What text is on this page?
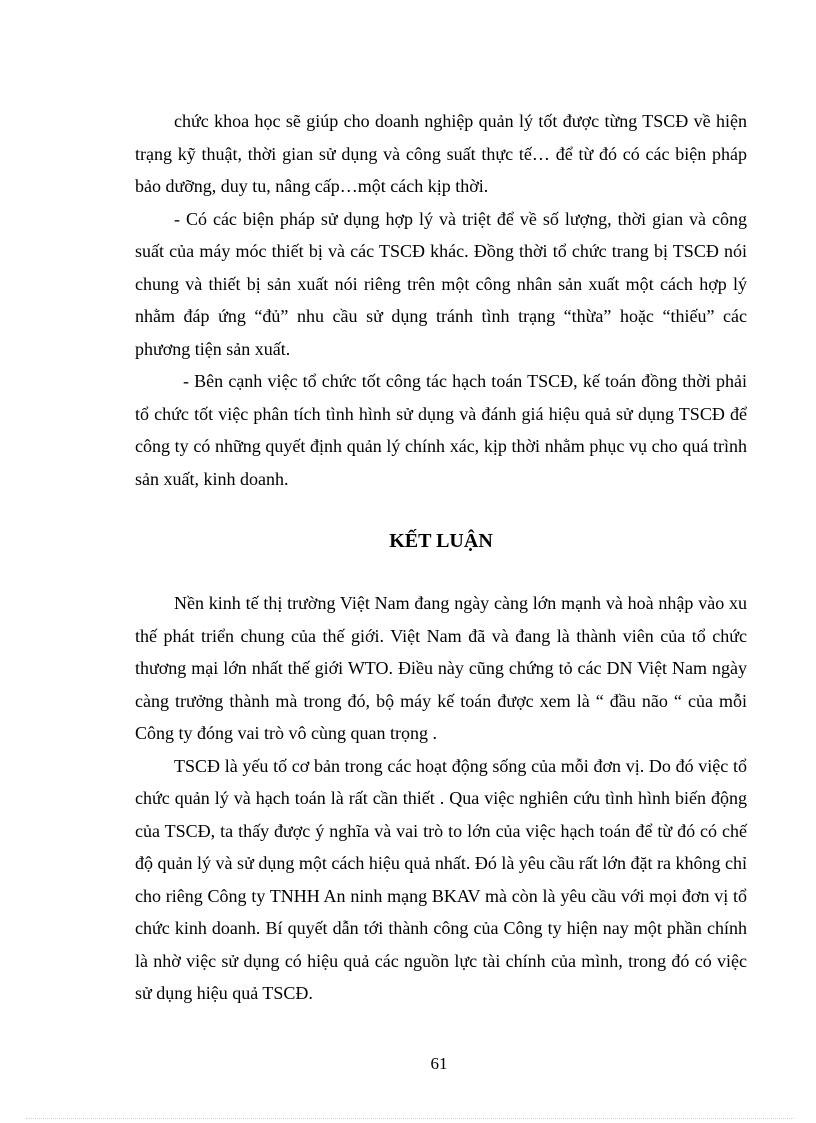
chức khoa học sẽ giúp cho doanh nghiệp quản lý tốt được từng TSCĐ về hiện trạng kỹ thuật, thời gian sử dụng và công suất thực tế… để từ đó có các biện pháp bảo dưỡng, duy tu, nâng cấp…một cách kịp thời.

- Có các biện pháp sử dụng hợp lý và triệt để về số lượng, thời gian và công suất của máy móc thiết bị và các TSCĐ khác. Đồng thời tổ chức trang bị TSCĐ nói chung và thiết bị sản xuất nói riêng trên một công nhân sản xuất một cách hợp lý nhằm đáp ứng “đủ” nhu cầu sử dụng tránh tình trạng “thừa” hoặc “thiếu” các phương tiện sản xuất.

- Bên cạnh việc tổ chức tốt công tác hạch toán TSCĐ, kế toán đồng thời phải tổ chức tốt việc phân tích tình hình sử dụng và đánh giá hiệu quả sử dụng TSCĐ để công ty có những quyết định quản lý chính xác, kịp thời nhằm phục vụ cho quá trình sản xuất, kinh doanh.

KẾT LUẬN

Nền kinh tế thị trường Việt Nam đang ngày càng lớn mạnh và hoà nhập vào xu thế phát triển chung của thế giới. Việt Nam đã và đang là thành viên của tổ chức thương mại lớn nhất thế giới WTO. Điều này cũng chứng tỏ các DN Việt Nam ngày càng trưởng thành mà trong đó, bộ máy kế toán được xem là “ đầu não “ của mỗi Công ty đóng vai trò vô cùng quan trọng .

TSCĐ là yếu tố cơ bản trong các hoạt động sống của mỗi đơn vị. Do đó việc tổ chức quản lý và hạch toán là rất cần thiết . Qua việc nghiên cứu tình hình biến động của TSCĐ, ta thấy được ý nghĩa và vai trò to lớn của việc hạch toán để từ đó có chế độ quản lý và sử dụng một cách hiệu quả nhất. Đó là yêu cầu rất lớn đặt ra không chỉ cho riêng Công ty TNHH An ninh mạng BKAV mà còn là yêu cầu với mọi đơn vị tổ chức kinh doanh. Bí quyết dẫn tới thành công của Công ty hiện nay một phần chính là nhờ việc sử dụng có hiệu quả các nguồn lực tài chính của mình, trong đó có việc sử dụng hiệu quả TSCĐ.

61
